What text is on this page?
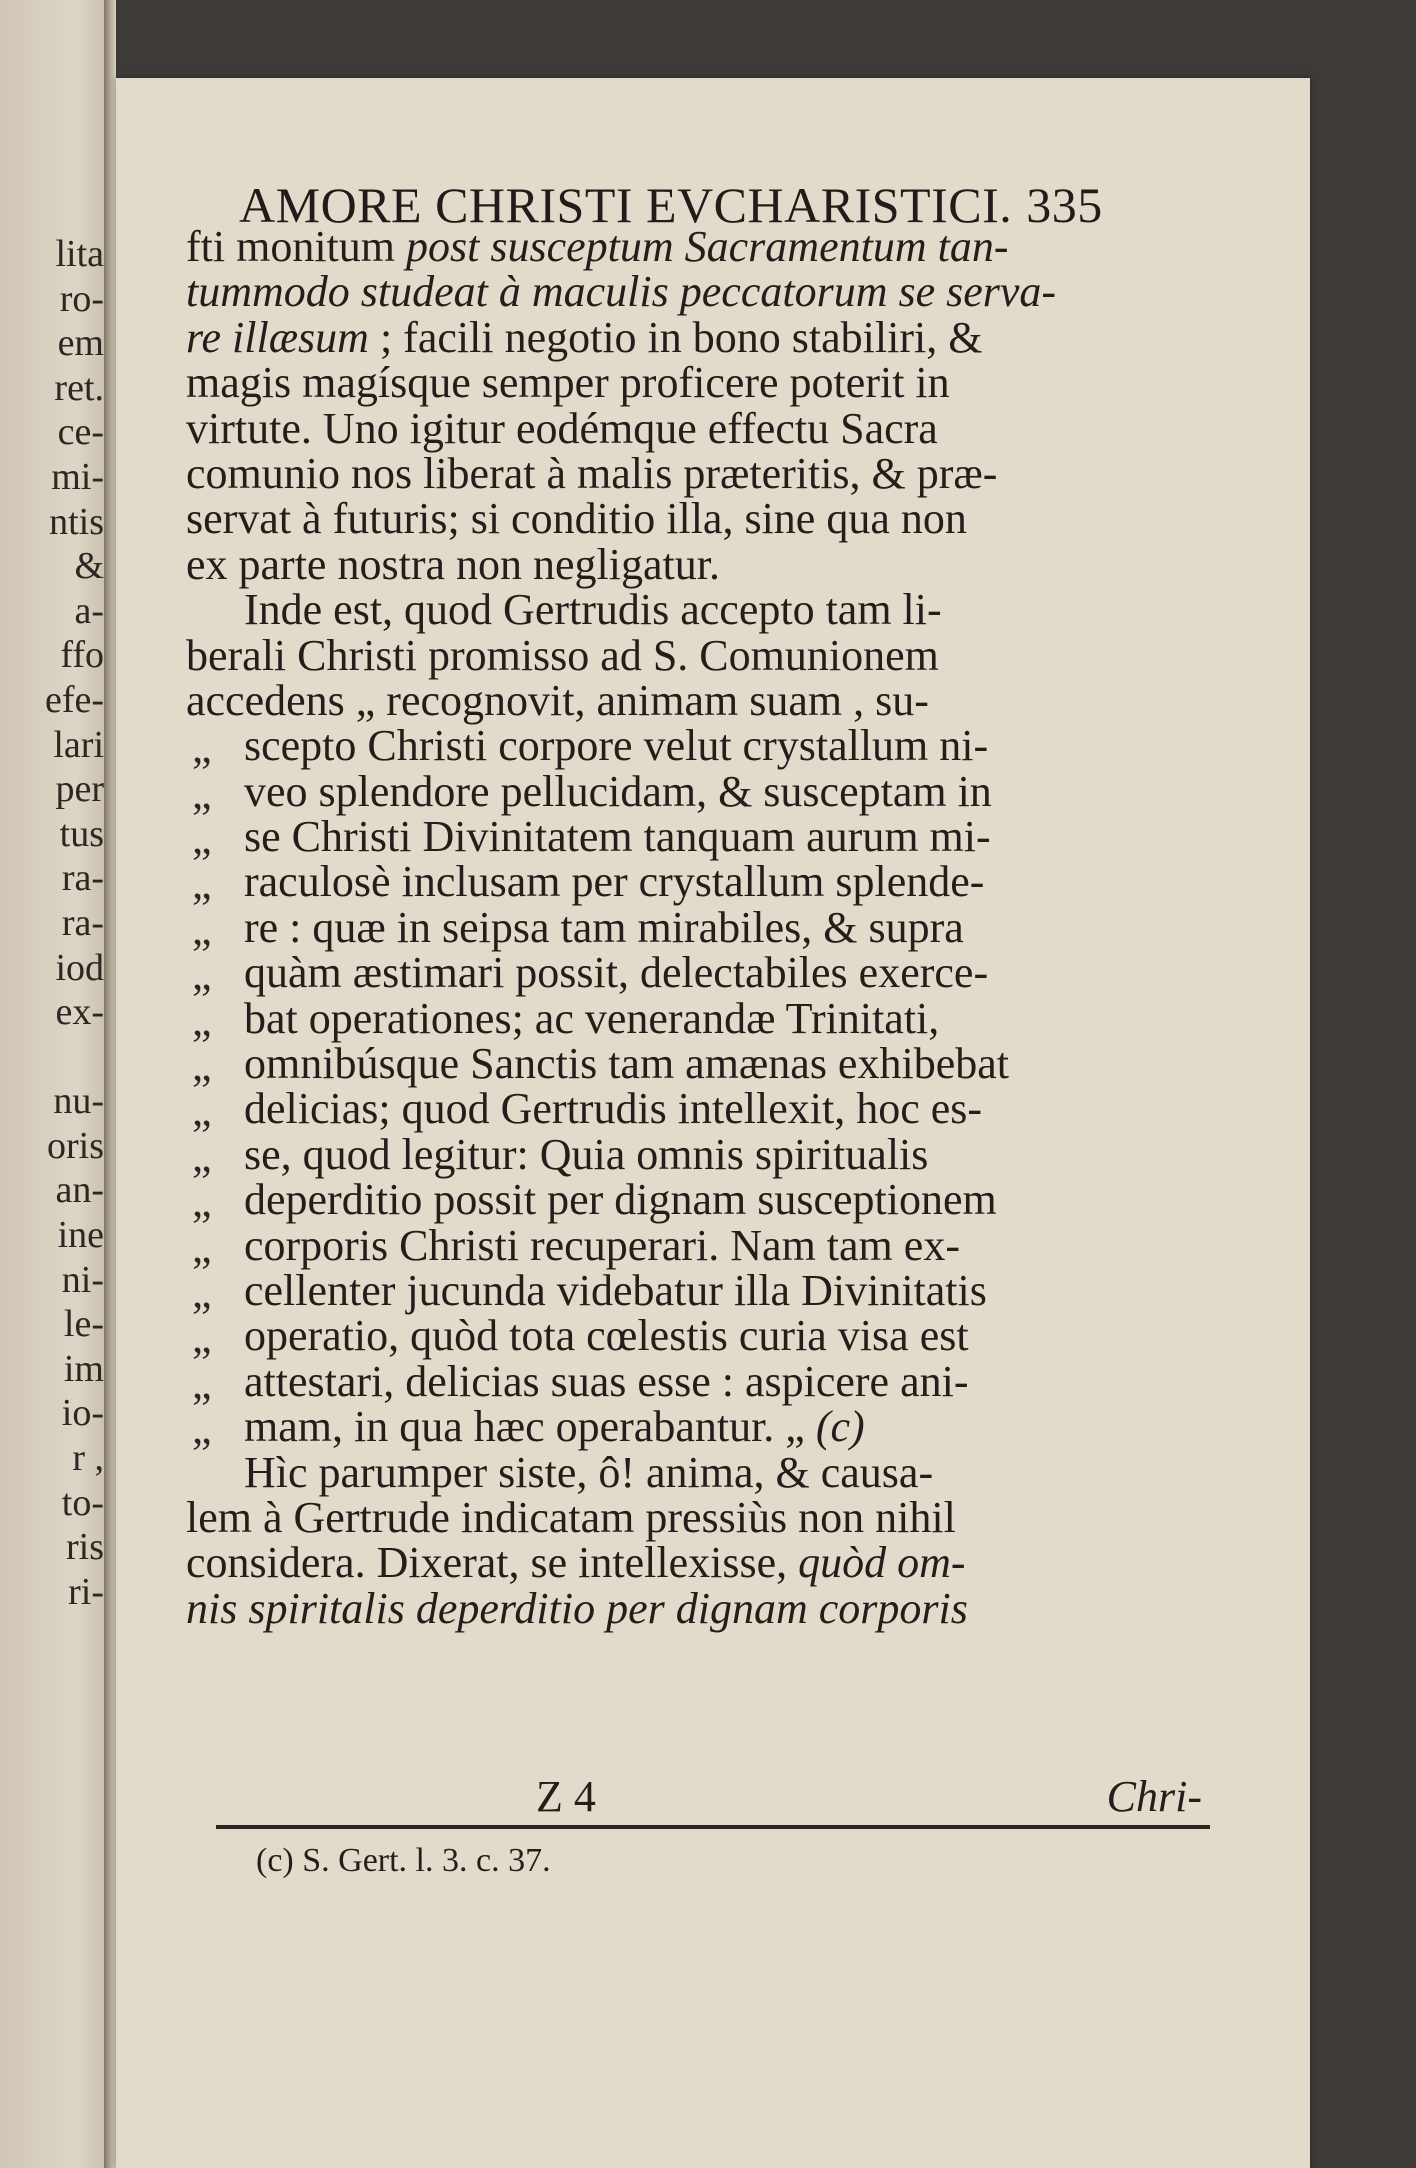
lita
ro-
em
ret.
ce-
mi-
ntis
&
a-
ffo
efe-
lari
per
tus
ra-
ra-
iod
ex-
nu-
oris
an-
ine
ni-
le-
im
io-
r ,
to-
ris
ri-
AMORE CHRISTI EVCHARISTICI. 335
fti monitum post susceptum Sacramentum tan-
tummodo studeat à maculis peccatorum se serva-
re illæsum ; facili negotio in bono stabiliri, &
magis magísque semper proficere poterit in
virtute. Uno igitur eodémque effectu Sacra
comunio nos liberat à malis præteritis, & præ-
servat à futuris; si conditio illa, sine qua non
ex parte nostra non negligatur.
Inde est, quod Gertrudis accepto tam li-
berali Christi promisso ad S. Comunionem
accedens „ recognovit, animam suam , su-
„ scepto Christi corpore velut crystallum ni-
„ veo splendore pellucidam, & susceptam in
„ se Christi Divinitatem tanquam aurum mi-
„ raculosè inclusam per crystallum splende-
„ re : quæ in seipsa tam mirabiles, & supra
„ quàm æstimari possit, delectabiles exerce-
„ bat operationes; ac venerandæ Trinitati,
„ omnibúsque Sanctis tam amænas exhibebat
„ delicias; quod Gertrudis intellexit, hoc es-
„ se, quod legitur: Quia omnis spiritualis
„ deperditio possit per dignam susceptionem
„ corporis Christi recuperari. Nam tam ex-
„ cellenter jucunda videbatur illa Divinitatis
„ operatio, quòd tota cœlestis curia visa est
„ attestari, delicias suas esse : aspicere ani-
„ mam, in qua hæc operabantur. „ (c)
Hìc parumper siste, ô! anima, & causa-
lem à Gertrude indicatam pressiùs non nihil
considera. Dixerat, se intellexisse, quòd om-
nis spiritalis deperditio per dignam corporis
Z 4	Chri-
(c) S. Gert. l. 3. c. 37.
